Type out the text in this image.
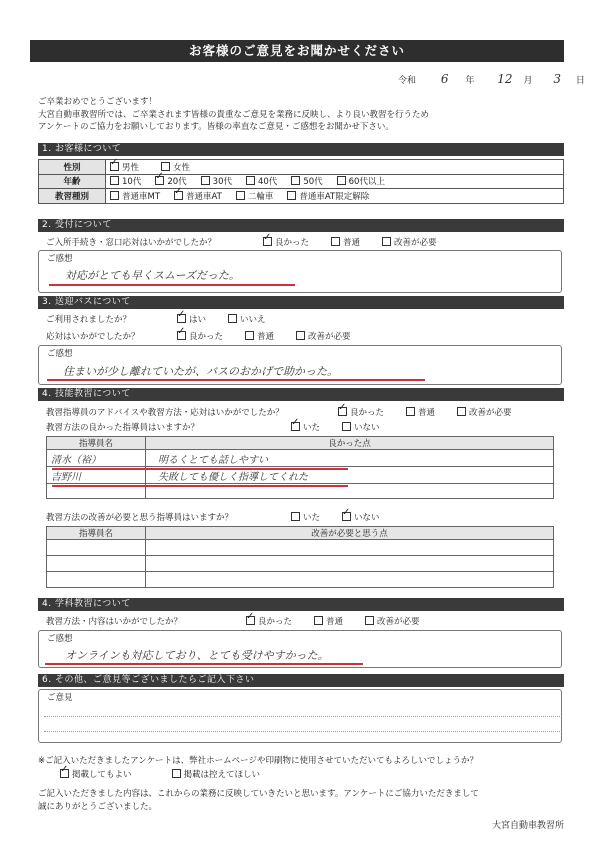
お客様のご意見をお聞かせください
令和 6 年 12 月 3 日
ご卒業おめでとうございます！
大宮自動車教習所では、ご卒業されます皆様の貴重なご意見を業務に反映し、より良い教習を行うため
アンケートのご協力をお願いしております。皆様の率直なご意見・ご感想をお聞かせ下さい。
1. お客様について
性別	✓男性 女性
年齢	10代 ✓ 20代 30代 40代 50代 60代以上
教習種別	普通車MT ✓ 普通車AT 二輪車 普通車AT限定解除
2. 受付について
ご入所手続き・窓口応対はいかがでしたか？ ✓	良かった	普通	改善が必要
ご感想
対応がとても早くスムーズだった。
3. 送迎バスについて
ご利用されましたか？ ✓	はい	いいえ
応対はいかがでしたか？ ✓	良かった	普通	改善が必要
ご感想
住まいが少し離れていたが、バスのおかげで助かった。
4. 技能教習について
教習指導員のアドバイスや教習方法・応対はいかがでしたか？ ✓	良かった	普通	改善が必要
教習方法の良かった指導員はいますか？ ✓	いた	いない
指導員名	良かった点
清水（裕）	明るくとても話しやすい
吉野川	失敗しても優しく指導してくれた

教習方法の改善が必要と思う指導員はいますか？	いた ✓	いない
指導員名	改善が必要と思う点

4. 学科教習について
教習方法・内容はいかがでしたか？ ✓	良かった	普通	改善が必要
ご感想
オンラインも対応しており、とても受けやすかった。
6. その他、ご意見等ございましたらご記入下さい
ご意見
※ご記入いただきましたアンケートは、弊社ホームページや印刷物に使用させていただいてもよろしいでしょうか？
✓掲載してもよい	掲載は控えてほしい
ご記入いただきました内容は、これからの業務に反映していきたいと思います。アンケートにご協力いただきまして
誠にありがとうございました。
大宮自動車教習所
